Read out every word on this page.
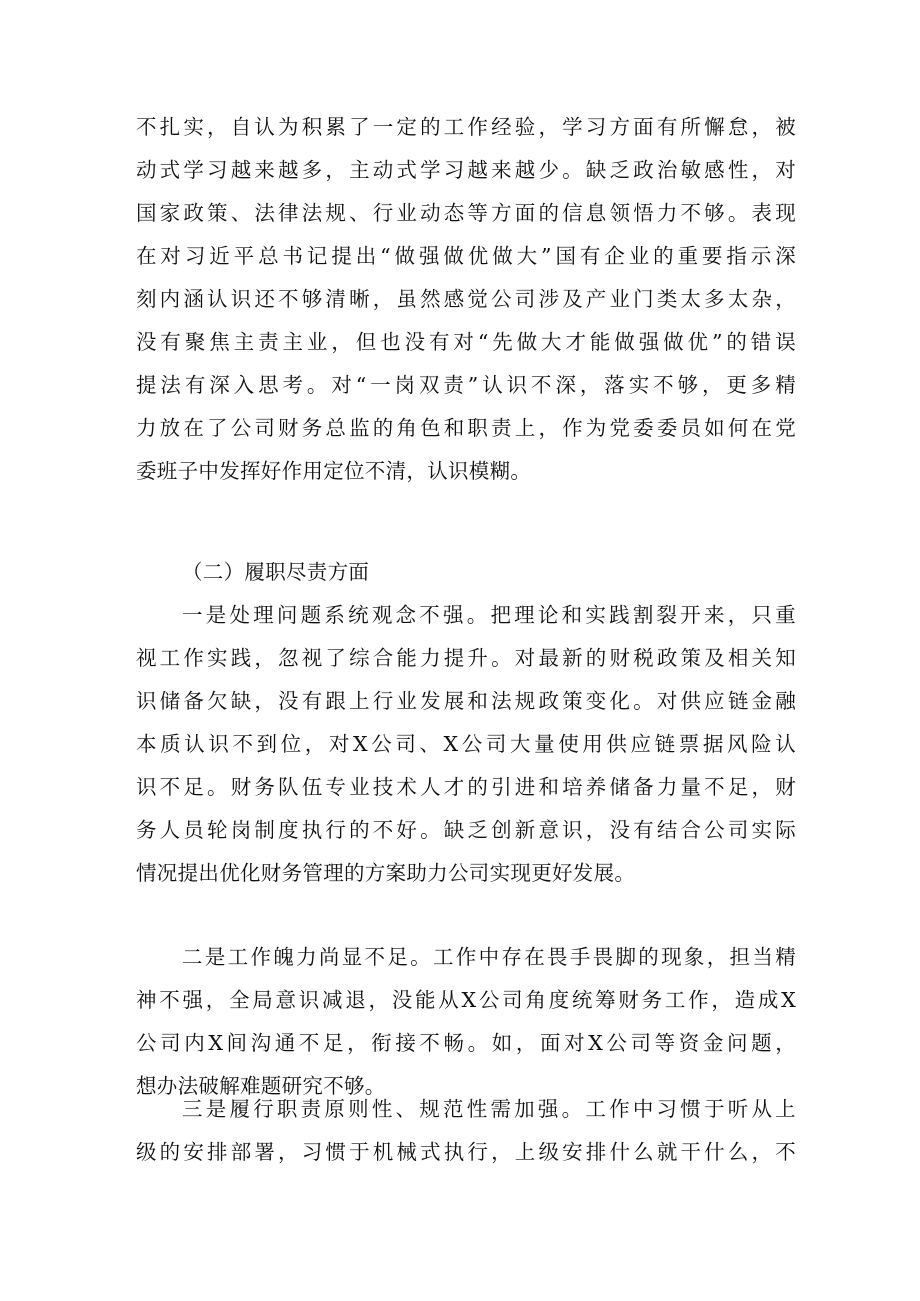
不扎实，自认为积累了一定的工作经验，学习方面有所懈怠，被
动式学习越来越多，主动式学习越来越少。缺乏政治敏感性，对
国家政策、法律法规、行业动态等方面的信息领悟力不够。表现
在对习近平总书记提出“做强做优做大”国有企业的重要指示深
刻内涵认识还不够清晰，虽然感觉公司涉及产业门类太多太杂，
没有聚焦主责主业，但也没有对“先做大才能做强做优”的错误
提法有深入思考。对“一岗双责”认识不深，落实不够，更多精
力放在了公司财务总监的角色和职责上，作为党委委员如何在党
委班子中发挥好作用定位不清，认识模糊。
（二）履职尽责方面
一是处理问题系统观念不强。把理论和实践割裂开来，只重
视工作实践，忽视了综合能力提升。对最新的财税政策及相关知
识储备欠缺，没有跟上行业发展和法规政策变化。对供应链金融
本质认识不到位，对X公司、X公司大量使用供应链票据风险认
识不足。财务队伍专业技术人才的引进和培养储备力量不足，财
务人员轮岗制度执行的不好。缺乏创新意识，没有结合公司实际
情况提出优化财务管理的方案助力公司实现更好发展。
二是工作魄力尚显不足。工作中存在畏手畏脚的现象，担当精
神不强，全局意识减退，没能从X公司角度统筹财务工作，造成X
公司内X间沟通不足，衔接不畅。如，面对X公司等资金问题，
想办法破解难题研究不够。
三是履行职责原则性、规范性需加强。工作中习惯于听从上
级的安排部署，习惯于机械式执行，上级安排什么就干什么，不
